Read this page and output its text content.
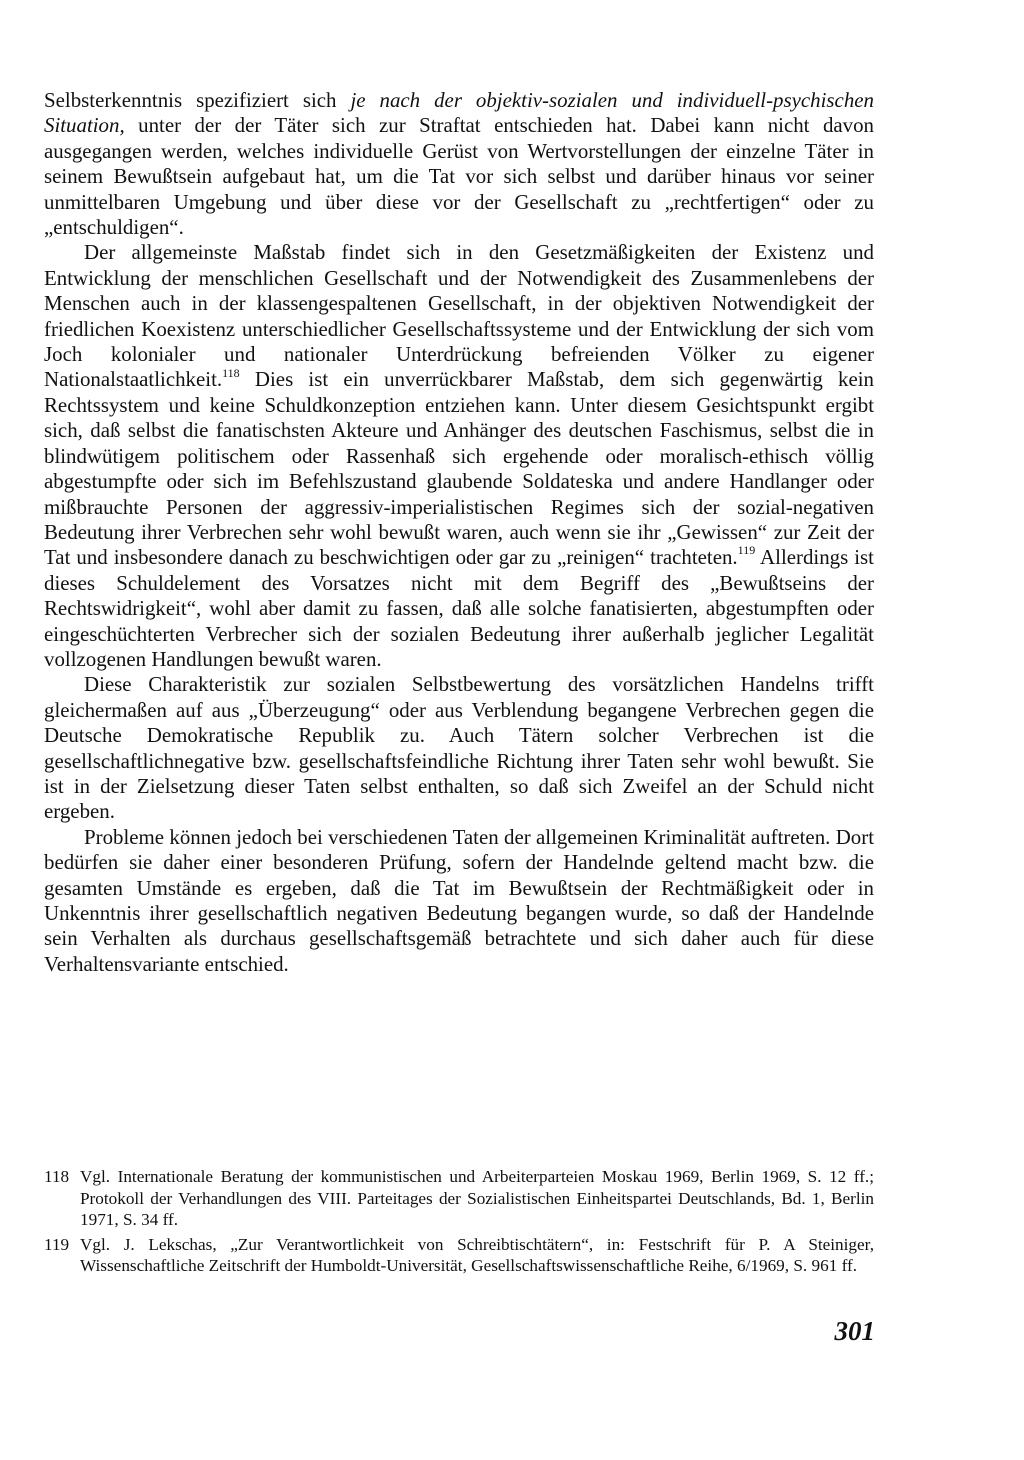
Selbsterkenntnis spezifiziert sich je nach der objektiv-sozialen und individuell-psychischen Situation, unter der der Täter sich zur Straftat entschieden hat. Dabei kann nicht davon ausgegangen werden, welches individuelle Gerüst von Wertvorstellungen der einzelne Täter in seinem Bewußtsein aufgebaut hat, um die Tat vor sich selbst und darüber hinaus vor seiner unmittelbaren Umgebung und über diese vor der Gesellschaft zu „rechtfertigen“ oder zu „entschuldigen“.

Der allgemeinste Maßstab findet sich in den Gesetzmäßigkeiten der Existenz und Entwicklung der menschlichen Gesellschaft und der Notwendigkeit des Zusammenlebens der Menschen auch in der klassengespaltenen Gesellschaft, in der objektiven Notwendigkeit der friedlichen Koexistenz unterschiedlicher Gesellschaftssysteme und der Entwicklung der sich vom Joch kolonialer und nationaler Unterdrückung befreienden Völker zu eigener Nationalstaatlichkeit.$^{118}$ Dies ist ein unverrückbarer Maßstab, dem sich gegenwärtig kein Rechtssystem und keine Schuldkonzeption entziehen kann. Unter diesem Gesichtspunkt ergibt sich, daß selbst die fanatischsten Akteure und Anhänger des deutschen Faschismus, selbst die in blindwütigem politischem oder Rassenhaß sich ergehende oder moralisch-ethisch völlig abgestumpfte oder sich im Befehlszustand glaubende Soldateska und andere Handlanger oder mißbrauchte Personen der aggressiv-imperialistischen Regimes sich der sozial-negativen Bedeutung ihrer Verbrechen sehr wohl bewußt waren, auch wenn sie ihr „Gewissen“ zur Zeit der Tat und insbesondere danach zu beschwichtigen oder gar zu „reinigen“ trachteten.$^{119}$ Allerdings ist dieses Schuldelement des Vorsatzes nicht mit dem Begriff des „Bewußtseins der Rechtswidrigkeit“, wohl aber damit zu fassen, daß alle solche fanatisierten, abgestumpften oder eingeschüchterten Verbrecher sich der sozialen Bedeutung ihrer außerhalb jeglicher Legalität vollzogenen Handlungen bewußt waren.

Diese Charakteristik zur sozialen Selbstbewertung des vorsätzlichen Handelns trifft gleichermaßen auf aus „Überzeugung“ oder aus Verblendung begangene Verbrechen gegen die Deutsche Demokratische Republik zu. Auch Tätern solcher Verbrechen ist die gesellschaftlichnegative bzw. gesellschaftsfeindliche Richtung ihrer Taten sehr wohl bewußt. Sie ist in der Zielsetzung dieser Taten selbst enthalten, so daß sich Zweifel an der Schuld nicht ergeben.

Probleme können jedoch bei verschiedenen Taten der allgemeinen Kriminalität auftreten. Dort bedürfen sie daher einer besonderen Prüfung, sofern der Handelnde geltend macht bzw. die gesamten Umstände es ergeben, daß die Tat im Bewußtsein der Rechtmäßigkeit oder in Unkenntnis ihrer gesellschaftlich negativen Bedeutung begangen wurde, so daß der Handelnde sein Verhalten als durchaus gesellschaftsgemäß betrachtete und sich daher auch für diese Verhaltensvariante entschied.

118 Vgl. Internationale Beratung der kommunistischen und Arbeiterparteien Moskau 1969, Berlin 1969, S. 12 ff.; Protokoll der Verhandlungen des VIII. Parteitages der Sozialistischen Einheitspartei Deutschlands, Bd. 1, Berlin 1971, S. 34 ff.
119 Vgl. J. Lekschas, „Zur Verantwortlichkeit von Schreibtischtätern“, in: Festschrift für P. A Steiniger, Wissenschaftliche Zeitschrift der Humboldt-Universität, Gesellschaftswissenschaftliche Reihe, 6/1969, S. 961 ff.
301
